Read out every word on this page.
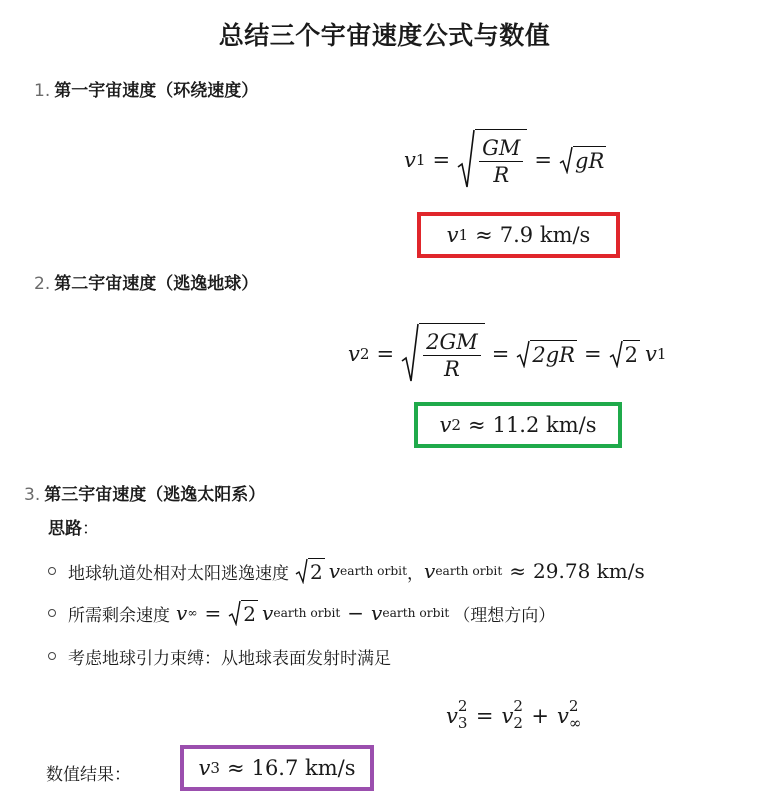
总结三个宇宙速度公式与数值
1. 第一宇宙速度（环绕速度）
v $1 = \frac{GM}{R}$ = gR
v 1 ≈ 7.9 km/s
2. 第二宇宙速度（逃逸地球）
v $2 = \frac{2GM}{R} = 2gR = 2$ v 1
v 2 ≈ 11.2 km/s
3. 第三宇宙速度（逃逸太阳系）
思路：
地球轨道处相对太阳逃逸速度 2 v earth orbit ， v earth orbit ≈ 29.78 km/s
所需剩余速度 v ∞ = 2 v earth orbit − v earth orbit （理想方向）
考虑地球引力束缚：从地球表面发射时满足
v 2
3 = v 2
2 + v 2
∞
数值结果：	v 3 ≈ 16.7 km/s
